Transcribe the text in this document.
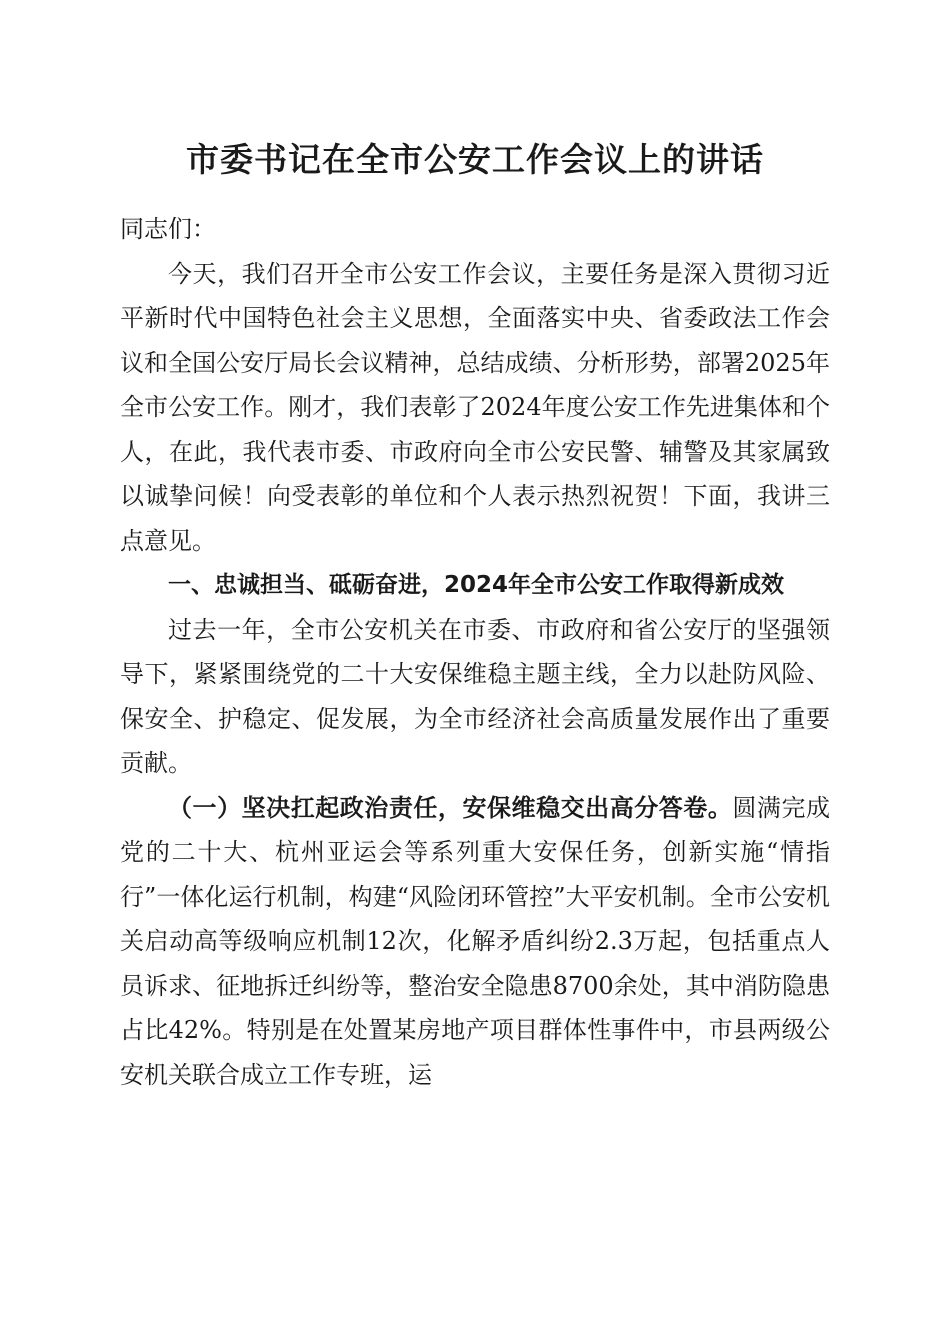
市委书记在全市公安工作会议上的讲话

同志们：

今天，我们召开全市公安工作会议，主要任务是深入贯彻习近平新时代中国特色社会主义思想，全面落实中央、省委政法工作会议和全国公安厅局长会议精神，总结成绩、分析形势，部署2025年全市公安工作。刚才，我们表彰了2024年度公安工作先进集体和个人，在此，我代表市委、市政府向全市公安民警、辅警及其家属致以诚挚问候！向受表彰的单位和个人表示热烈祝贺！下面，我讲三点意见。

一、忠诚担当、砥砺奋进，2024年全市公安工作取得新成效

过去一年，全市公安机关在市委、市政府和省公安厅的坚强领导下，紧紧围绕党的二十大安保维稳主题主线，全力以赴防风险、保安全、护稳定、促发展，为全市经济社会高质量发展作出了重要贡献。

（一）坚决扛起政治责任，安保维稳交出高分答卷。圆满完成党的二十大、杭州亚运会等系列重大安保任务，创新实施“情指行”一体化运行机制，构建“风险闭环管控”大平安机制。全市公安机关启动高等级响应机制12次，化解矛盾纠纷2.3万起，包括重点人员诉求、征地拆迁纠纷等，整治安全隐患8700余处，其中消防隐患占比42%。特别是在处置某房地产项目群体性事件中，市县两级公安机关联合成立工作专班，运
